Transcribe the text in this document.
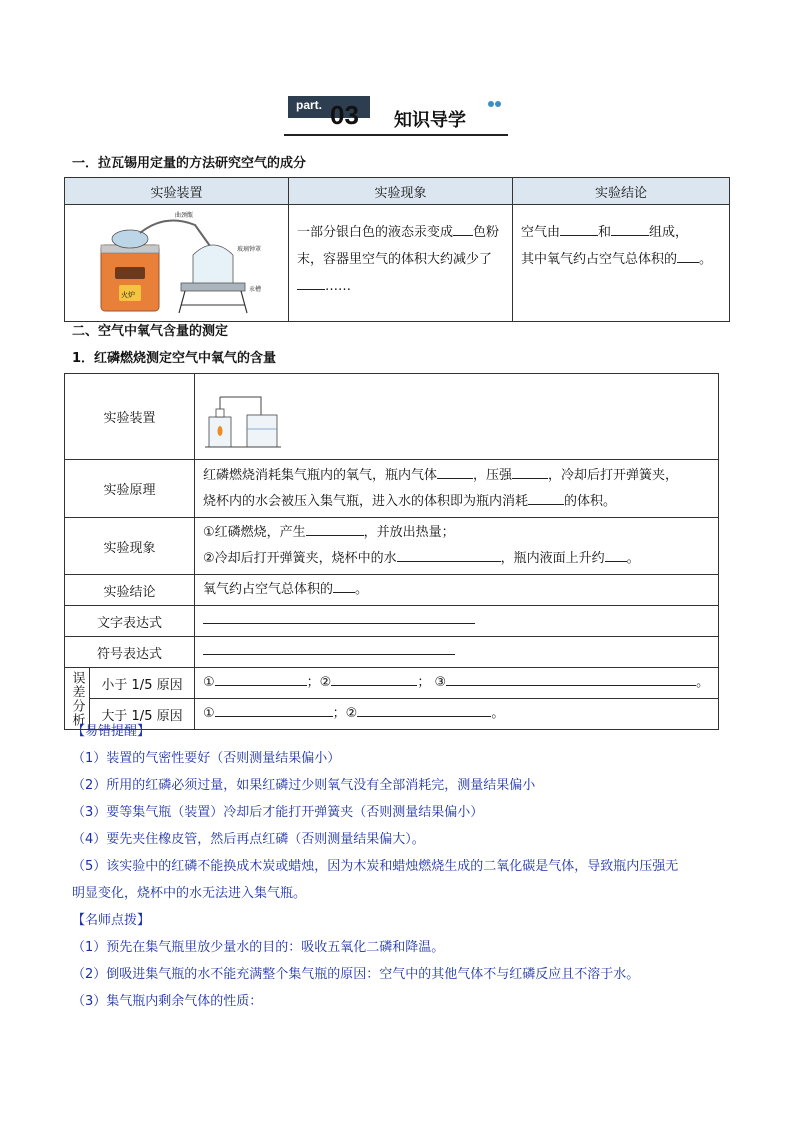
part. 03 知识导学
一．拉瓦锡用定量的方法研究空气的成分
实验装置	实验现象	实验结论

火炉
曲颈甑
玻璃钟罩
汞槽	一部分银白色的液态汞变成 色粉末，容器里空气的体积大约减少了……	空气由 和 组成，
其中氧气约占空气总体积的 。
二、空气中氧气含量的测定
1．红磷燃烧测定空气中氧气的含量
实验装置	
实验原理		红磷燃烧消耗集气瓶内的氧气，瓶内气体 ，压强 ，冷却后打开弹簧夹，
烧杯内的水会被压入集气瓶，进入水的体积即为瓶内消耗 的体积。
实验现象		①红磷燃烧，产生 ，并放出热量；
②冷却后打开弹簧夹，烧杯中的水 ，瓶内液面上升约 。
实验结论		氧气约占空气总体积的 。
文字表达式		
符号表达式		

误差分析	小于 1/5 原因	① ；② ； ③ 。
	大于 1/5 原因	① ；② 。
【易错提醒】
（1）装置的气密性要好（否则测量结果偏小）
（2）所用的红磷必须过量，如果红磷过少则氧气没有全部消耗完，测量结果偏小
（3）要等集气瓶（装置）冷却后才能打开弹簧夹（否则测量结果偏小）
（4）要先夹住橡皮管，然后再点红磷（否则测量结果偏大）。
（5）该实验中的红磷不能换成木炭或蜡烛，因为木炭和蜡烛燃烧生成的二氧化碳是气体，导致瓶内压强无
明显变化，烧杯中的水无法进入集气瓶。
【名师点拨】
（1）预先在集气瓶里放少量水的目的：吸收五氧化二磷和降温。
（2）倒吸进集气瓶的水不能充满整个集气瓶的原因：空气中的其他气体不与红磷反应且不溶于水。
（3）集气瓶内剩余气体的性质：
